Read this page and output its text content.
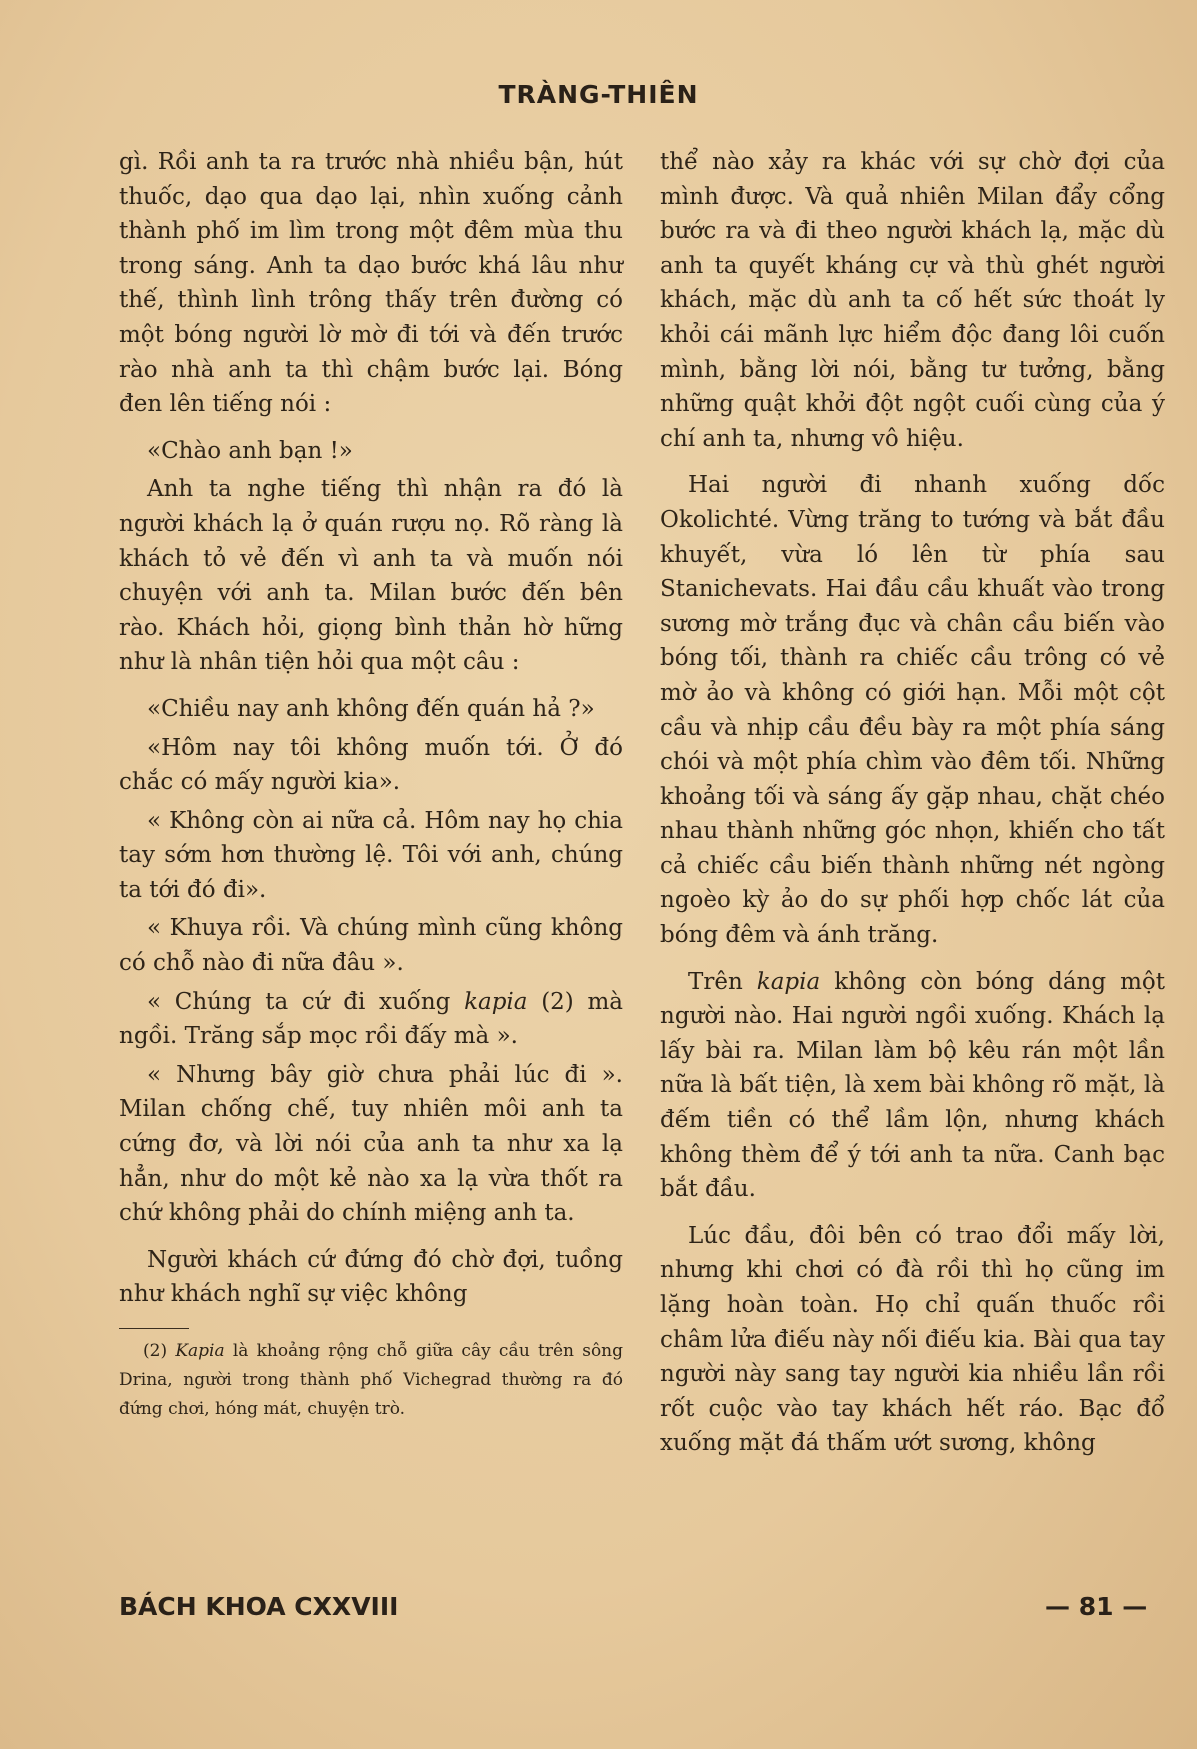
TRÀNG-THIÊN

gì. Rồi anh ta ra trước nhà nhiều bận, hút thuốc, dạo qua dạo lại, nhìn xuống cảnh thành phố im lìm trong một đêm mùa thu trong sáng. Anh ta dạo bước khá lâu như thế, thình lình trông thấy trên đường có một bóng người lờ mờ đi tới và đến trước rào nhà anh ta thì chậm bước lại. Bóng đen lên tiếng nói :

«Chào anh bạn !»

Anh ta nghe tiếng thì nhận ra đó là người khách lạ ở quán rượu nọ. Rõ ràng là khách tỏ vẻ đến vì anh ta và muốn nói chuyện với anh ta. Milan bước đến bên rào. Khách hỏi, giọng bình thản hờ hững như là nhân tiện hỏi qua một câu :

«Chiều nay anh không đến quán hả ?»

«Hôm nay tôi không muốn tới. Ở đó chắc có mấy người kia».

« Không còn ai nữa cả. Hôm nay họ chia tay sớm hơn thường lệ. Tôi với anh, chúng ta tới đó đi».

« Khuya rồi. Và chúng mình cũng không có chỗ nào đi nữa đâu ».

« Chúng ta cứ đi xuống kapia (2) mà ngồi. Trăng sắp mọc rồi đấy mà ».

« Nhưng bây giờ chưa phải lúc đi ». Milan chống chế, tuy nhiên môi anh ta cứng đơ, và lời nói của anh ta như xa lạ hẳn, như do một kẻ nào xa lạ vừa thốt ra chứ không phải do chính miệng anh ta.

Người khách cứ đứng đó chờ đợi, tuồng như khách nghĩ sự việc không

(2) Kapia là khoảng rộng chỗ giữa cây cầu trên sông Drina, người trong thành phố Vichegrad thường ra đó đứng chơi, hóng mát, chuyện trò.

thể nào xảy ra khác với sự chờ đợi của mình được. Và quả nhiên Milan đẩy cổng bước ra và đi theo người khách lạ, mặc dù anh ta quyết kháng cự và thù ghét người khách, mặc dù anh ta cố hết sức thoát ly khỏi cái mãnh lực hiểm độc đang lôi cuốn mình, bằng lời nói, bằng tư tưởng, bằng những quật khởi đột ngột cuối cùng của ý chí anh ta, nhưng vô hiệu.

Hai người đi nhanh xuống dốc Okolichté. Vừng trăng to tướng và bắt đầu khuyết, vừa ló lên từ phía sau Stanichevats. Hai đầu cầu khuất vào trong sương mờ trắng đục và chân cầu biến vào bóng tối, thành ra chiếc cầu trông có vẻ mờ ảo và không có giới hạn. Mỗi một cột cầu và nhịp cầu đều bày ra một phía sáng chói và một phía chìm vào đêm tối. Những khoảng tối và sáng ấy gặp nhau, chặt chéo nhau thành những góc nhọn, khiến cho tất cả chiếc cầu biến thành những nét ngòng ngoèo kỳ ảo do sự phối hợp chốc lát của bóng đêm và ánh trăng.

Trên kapia không còn bóng dáng một người nào. Hai người ngồi xuống. Khách lạ lấy bài ra. Milan làm bộ kêu rán một lần nữa là bất tiện, là xem bài không rõ mặt, là đếm tiền có thể lầm lộn, nhưng khách không thèm để ý tới anh ta nữa. Canh bạc bắt đầu.

Lúc đầu, đôi bên có trao đổi mấy lời, nhưng khi chơi có đà rồi thì họ cũng im lặng hoàn toàn. Họ chỉ quấn thuốc rồi châm lửa điếu này nối điếu kia. Bài qua tay người này sang tay người kia nhiều lần rồi rốt cuộc vào tay khách hết ráo. Bạc đổ xuống mặt đá thấm ướt sương, không

BÁCH KHOA CXXVIII	— 81 —
